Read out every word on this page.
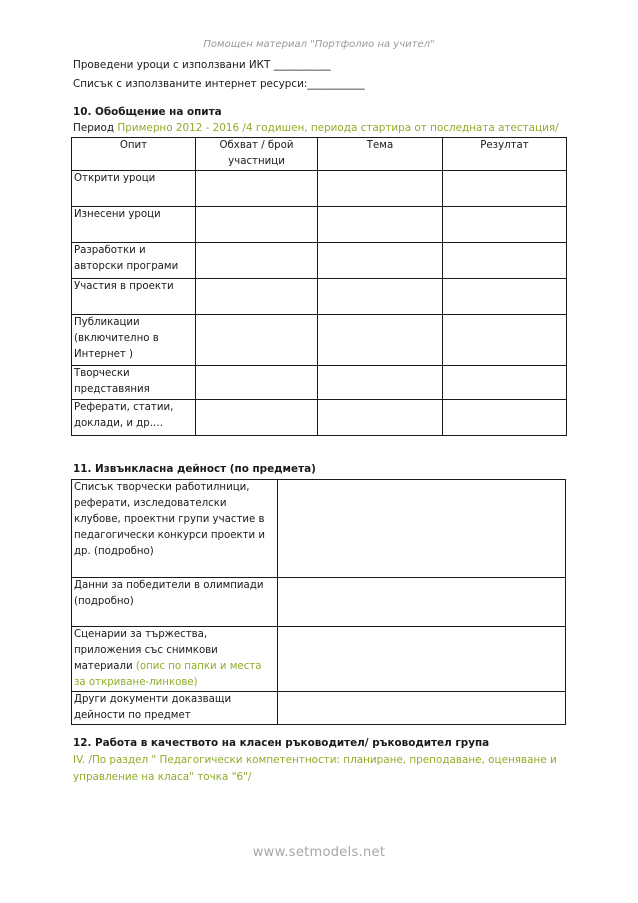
Помощен материал "Портфолио на учител"
Проведени уроци с използвани ИКТ ___________
Списък с използваните интернет ресурси:___________
10. Обобщение на опита
Период Примерно 2012 - 2016 /4 годишен, периода стартира от последната атестация/
Опит	Обхват / брой участници	Тема	Резултат
Открити уроци			
Изнесени уроци			
Разработки и авторски програми			
Участия в проекти			
Публикации (включително в Интернет )			
Творчески представяния			
Реферати, статии, доклади, и др.…			
11. Извънкласна дейност (по предмета)
Списък творчески работилници, реферати, изследователски клубове, проектни групи участие в педагогически конкурси проекти и др. (подробно)	
Данни за победители в олимпиади (подробно)	
Сценарии за тържества, приложения със снимкови материали (опис по папки и места за откриване-линкове)	
Други документи доказващи дейности по предмет	
12. Работа в качеството на класен ръководител/ ръководител група
IV. /По раздел " Педагогически компетентности: планиране, преподаване, оценяване и
управление на класа" точка "6"/
www.setmodels.net
